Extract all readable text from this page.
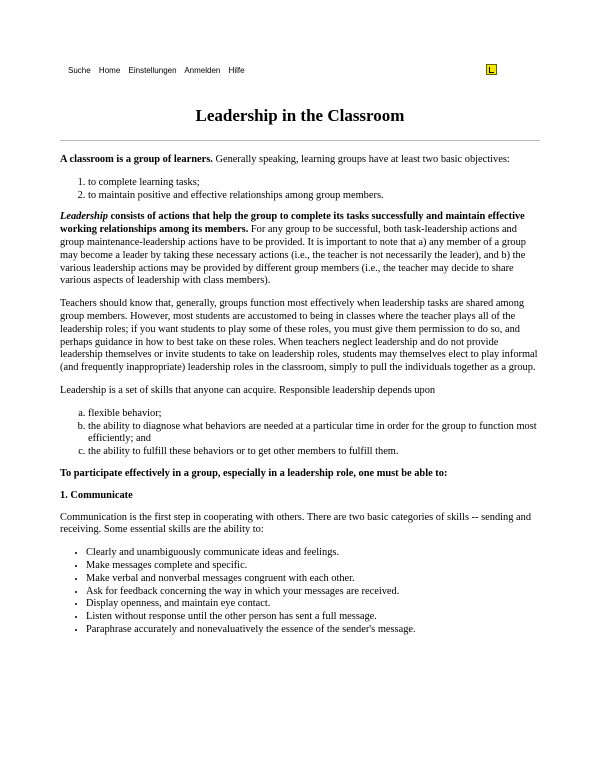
Suche Home Einstellungen Anmelden Hilfe
Leadership in the Classroom

A classroom is a group of learners. Generally speaking, learning groups have at least two basic objectives:

1. to complete learning tasks;
2. to maintain positive and effective relationships among group members.

Leadership consists of actions that help the group to complete its tasks successfully and maintain effective working relationships among its members. For any group to be successful, both task-leadership actions and group maintenance-leadership actions have to be provided. It is important to note that a) any member of a group may become a leader by taking these necessary actions (i.e., the teacher is not necessarily the leader), and b) the various leadership actions may be provided by different group members (i.e., the teacher may decide to share various aspects of leadership with class members).

Teachers should know that, generally, groups function most effectively when leadership tasks are shared among group members. However, most students are accustomed to being in classes where the teacher plays all of the leadership roles; if you want students to play some of these roles, you must give them permission to do so, and perhaps guidance in how to best take on these roles. When teachers neglect leadership and do not provide leadership themselves or invite students to take on leadership roles, students may themselves elect to play informal (and frequently inappropriate) leadership roles in the classroom, simply to pull the individuals together as a group.

Leadership is a set of skills that anyone can acquire. Responsible leadership depends upon

a. flexible behavior;
b. the ability to diagnose what behaviors are needed at a particular time in order for the group to function most efficiently; and
c. the ability to fulfill these behaviors or to get other members to fulfill them.

To participate effectively in a group, especially in a leadership role, one must be able to:

1. Communicate

Communication is the first step in cooperating with others. There are two basic categories of skills -- sending and receiving. Some essential skills are the ability to:

• Clearly and unambiguously communicate ideas and feelings.
• Make messages complete and specific.
• Make verbal and nonverbal messages congruent with each other.
• Ask for feedback concerning the way in which your messages are received.
• Display openness, and maintain eye contact.
• Listen without response until the other person has sent a full message.
• Paraphrase accurately and nonevaluatively the essence of the sender's message.
